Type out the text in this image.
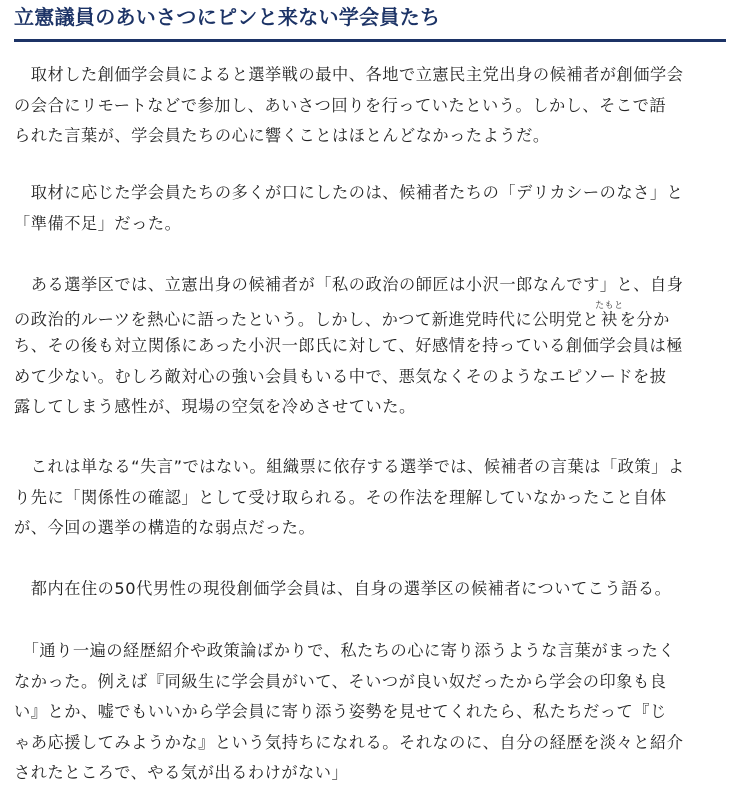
立憲議員のあいさつにピンと来ない学会員たち

　取材した創価学会員によると選挙戦の最中、各地で立憲民主党出身の候補者が創価学会
の会合にリモートなどで参加し、あいさつ回りを行っていたという。しかし、そこで語
られた言葉が、学会員たちの心に響くことはほとんどなかったようだ。

　取材に応じた学会員たちの多くが口にしたのは、候補者たちの「デリカシーのなさ」と
「準備不足」だった。

　ある選挙区では、立憲出身の候補者が「私の政治の師匠は小沢一郎なんです」と、自身
の政治的ルーツを熱心に語ったという。しかし、かつて新進党時代に公明党と袂たもとを分か
ち、その後も対立関係にあった小沢一郎氏に対して、好感情を持っている創価学会員は極
めて少ない。むしろ敵対心の強い会員もいる中で、悪気なくそのようなエピソードを披
露してしまう感性が、現場の空気を冷めさせていた。

　これは単なる“失言”ではない。組織票に依存する選挙では、候補者の言葉は「政策」よ
り先に「関係性の確認」として受け取られる。その作法を理解していなかったこと自体
が、今回の選挙の構造的な弱点だった。

　都内在住の50代男性の現役創価学会員は、自身の選挙区の候補者についてこう語る。

　「通り一遍の経歴紹介や政策論ばかりで、私たちの心に寄り添うような言葉がまったく
なかった。例えば『同級生に学会員がいて、そいつが良い奴だったから学会の印象も良
い』とか、嘘でもいいから学会員に寄り添う姿勢を見せてくれたら、私たちだって『じ
ゃあ応援してみようかな』という気持ちになれる。それなのに、自分の経歴を淡々と紹介
されたところで、やる気が出るわけがない」
